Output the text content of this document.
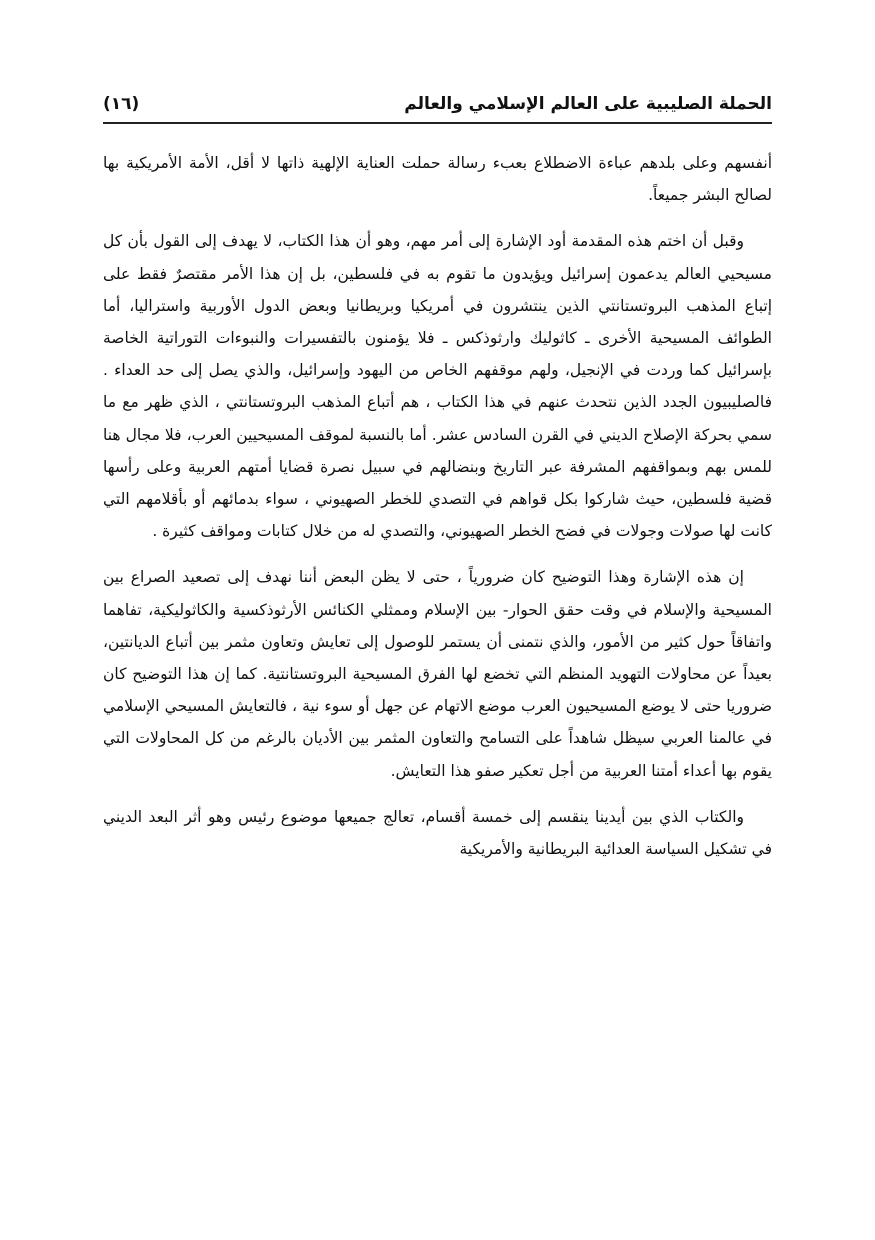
الحملة الصليبية على العالم الإسلامي والعالم
(١٦)

أنفسهم وعلى بلدهم عباءة الاضطلاع بعبء رسالة حملت العناية الإلهية ذاتها لا أقل، الأمة الأمريكية بها لصالح البشر جميعاً.

وقبل أن اختم هذه المقدمة أود الإشارة إلى أمر مهم، وهو أن هذا الكتاب، لا يهدف إلى القول بأن كل مسيحيي العالم يدعمون إسرائيل ويؤيدون ما تقوم به في فلسطين، بل إن هذا الأمر مقتصرٌ فقط على إتباع المذهب البروتستانتي الذين ينتشرون في أمريكيا وبريطانيا وبعض الدول الأوربية واستراليا، أما الطوائف المسيحية الأخرى ـ كاثوليك وارثوذكس ـ فلا يؤمنون بالتفسيرات والنبوءات التوراتية الخاصة بإسرائيل كما وردت في الإنجيل، ولهم موقفهم الخاص من اليهود وإسرائيل، والذي يصل إلى حد العداء . فالصليبيون الجدد الذين نتحدث عنهم في هذا الكتاب ، هم أتباع المذهب البروتستانتي ، الذي ظهر مع ما سمي بحركة الإصلاح الديني في القرن السادس عشر. أما بالنسبة لموقف المسيحيين العرب، فلا مجال هنا للمس بهم وبمواقفهم المشرفة عبر التاريخ وبنضالهم في سبيل نصرة قضايا أمتهم العربية وعلى رأسها قضية فلسطين، حيث شاركوا بكل قواهم في التصدي للخطر الصهيوني ، سواء بدمائهم أو بأقلامهم التي كانت لها صولات وجولات في فضح الخطر الصهيوني، والتصدي له من خلال كتابات ومواقف كثيرة .

إن هذه الإشارة وهذا التوضيح كان ضرورياً ، حتى لا يظن البعض أننا نهدف إلى تصعيد الصراع بين المسيحية والإسلام في وقت حقق الحوار- بين الإسلام وممثلي الكنائس الأرثوذكسية والكاثوليكية، تفاهما واتفاقاً حول كثير من الأمور، والذي نتمنى أن يستمر للوصول إلى تعايش وتعاون مثمر بين أتباع الديانتين، بعيداً عن محاولات التهويد المنظم التي تخضع لها الفرق المسيحية البروتستانتية. كما إن هذا التوضيح كان ضروريا حتى لا يوضع المسيحيون العرب موضع الاتهام عن جهل أو سوء نية ، فالتعايش المسيحي الإسلامي في عالمنا العربي سيظل شاهداً على التسامح والتعاون المثمر بين الأديان بالرغم من كل المحاولات التي يقوم بها أعداء أمتنا العربية من أجل تعكير صفو هذا التعايش.

والكتاب الذي بين أيدينا ينقسم إلى خمسة أقسام، تعالج جميعها موضوع رئيس وهو أثر البعد الديني في تشكيل السياسة العدائية البريطانية والأمريكية
